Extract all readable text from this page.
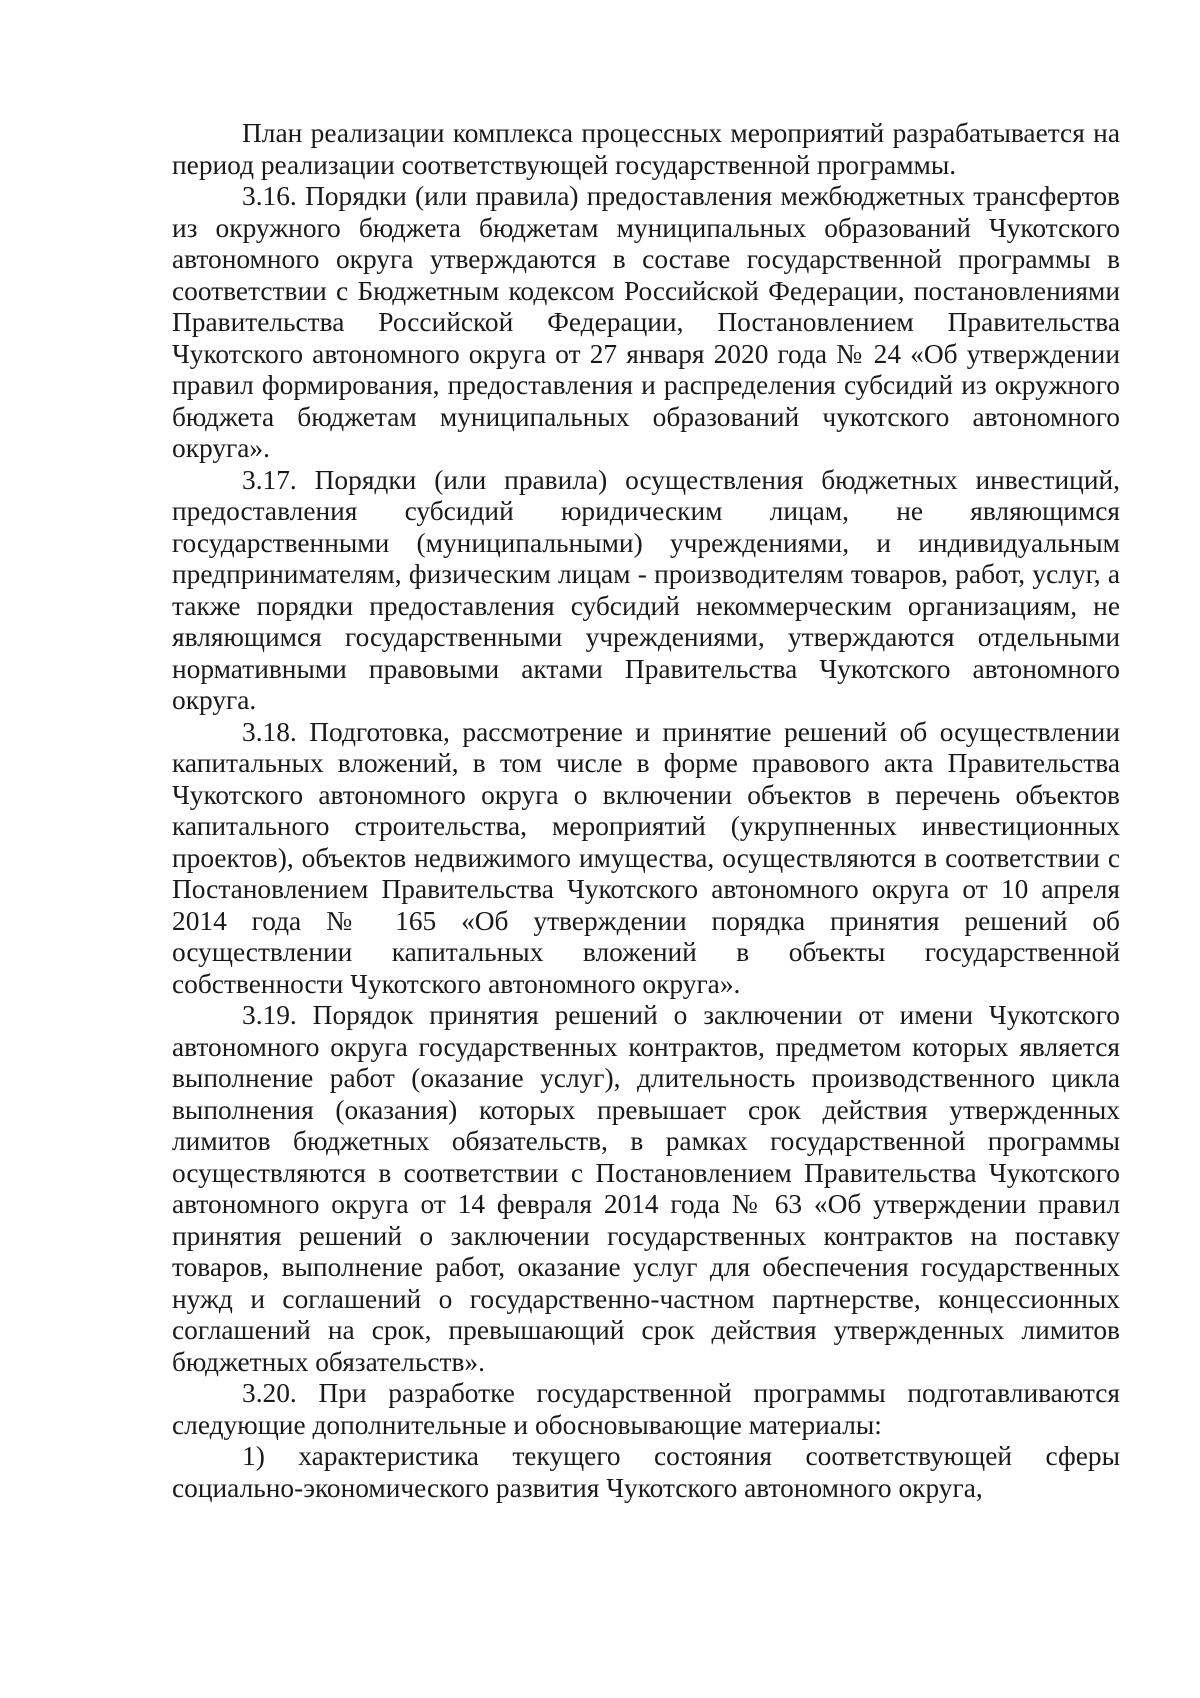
План реализации комплекса процессных мероприятий разрабатывается на период реализации соответствующей государственной программы.

3.16. Порядки (или правила) предоставления межбюджетных трансфертов из окружного бюджета бюджетам муниципальных образований Чукотского автономного округа утверждаются в составе государственной программы в соответствии с Бюджетным кодексом Российской Федерации, постановлениями Правительства Российской Федерации, Постановлением Правительства Чукотского автономного округа от 27 января 2020 года № 24 «Об утверждении правил формирования, предоставления и распределения субсидий из окружного бюджета бюджетам муниципальных образований чукотского автономного округа».

3.17. Порядки (или правила) осуществления бюджетных инвестиций, предоставления субсидий юридическим лицам, не являющимся государственными (муниципальными) учреждениями, и индивидуальным предпринимателям, физическим лицам - производителям товаров, работ, услуг, а также порядки предоставления субсидий некоммерческим организациям, не являющимся государственными учреждениями, утверждаются отдельными нормативными правовыми актами Правительства Чукотского автономного округа.

3.18. Подготовка, рассмотрение и принятие решений об осуществлении капитальных вложений, в том числе в форме правового акта Правительства Чукотского автономного округа о включении объектов в перечень объектов капитального строительства, мероприятий (укрупненных инвестиционных проектов), объектов недвижимого имущества, осуществляются в соответствии с Постановлением Правительства Чукотского автономного округа от 10 апреля 2014 года № 165 «Об утверждении порядка принятия решений об осуществлении капитальных вложений в объекты государственной собственности Чукотского автономного округа».

3.19. Порядок принятия решений о заключении от имени Чукотского автономного округа государственных контрактов, предметом которых является выполнение работ (оказание услуг), длительность производственного цикла выполнения (оказания) которых превышает срок действия утвержденных лимитов бюджетных обязательств, в рамках государственной программы осуществляются в соответствии с Постановлением Правительства Чукотского автономного округа от 14 февраля 2014 года № 63 «Об утверждении правил принятия решений о заключении государственных контрактов на поставку товаров, выполнение работ, оказание услуг для обеспечения государственных нужд и соглашений о государственно-частном партнерстве, концессионных соглашений на срок, превышающий срок действия утвержденных лимитов бюджетных обязательств».

3.20. При разработке государственной программы подготавливаются следующие дополнительные и обосновывающие материалы:

1) характеристика текущего состояния соответствующей сферы социально-экономического развития Чукотского автономного округа,
